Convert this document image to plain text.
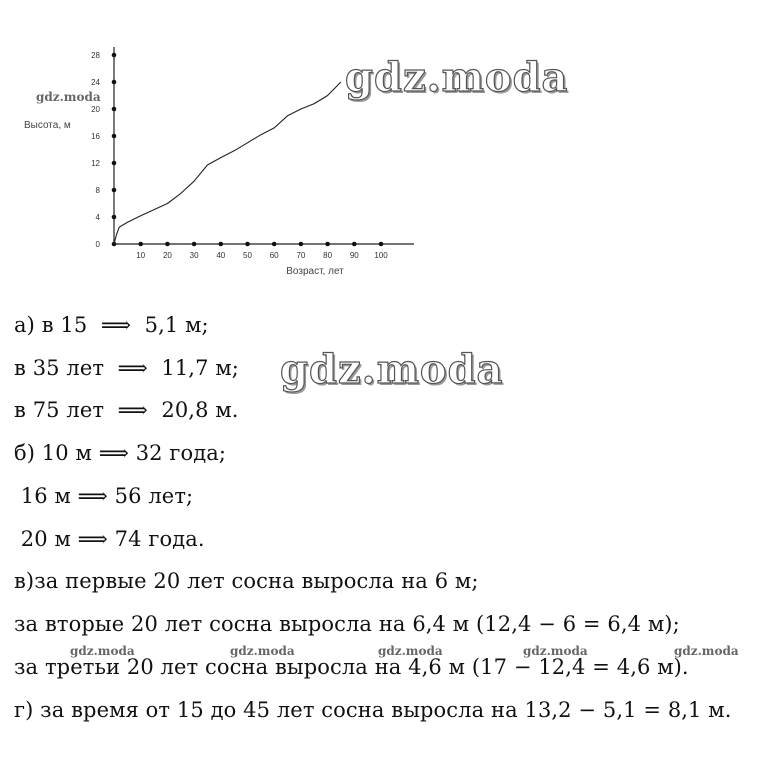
0
4
8
12
16
20
24
28
10 20 30 40 50 60 70 80 90 100
Высота, м
Возраст, лет
gdz.moda	gdz.moda
gdz.moda
а) в 15  ⟹  5,1 м;
в 35 лет  ⟹  11,7 м;
в 75 лет  ⟹  20,8 м.
б) 10 м ⟹ 32 года;
16 м ⟹ 56 лет;
20 м ⟹ 74 года.
в)за первые 20 лет сосна выросла на 6 м;
за вторые 20 лет сосна выросла на 6,4 м (12,4 − 6 = 6,4 м);
за третьи 20 лет сосна выросла на 4,6 м (17 − 12,4 = 4,6 м).
г) за время от 15 до 45 лет сосна выросла на 13,2 − 5,1 = 8,1 м.
gdz.moda	gdz.moda	gdz.moda	gdz.moda	gdz.moda
